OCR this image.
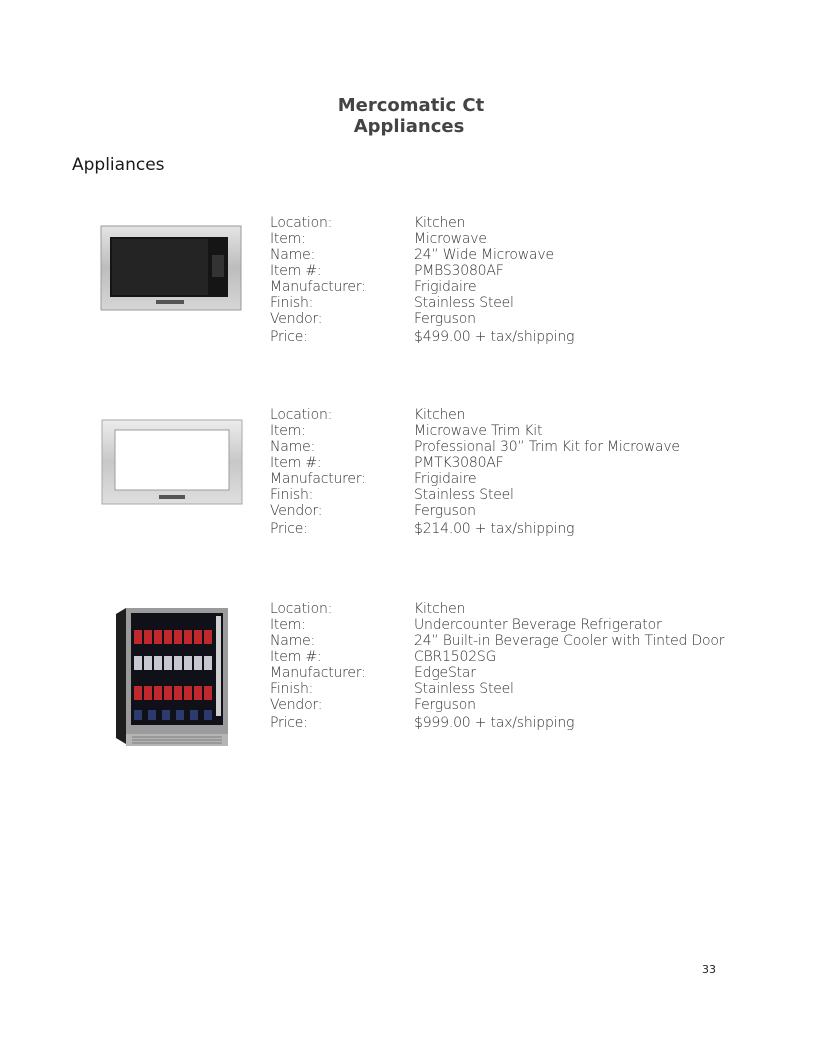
Mercomatic Ct
Appliances
Appliances
Location:	Kitchen
Item:	Microwave
Name:	24” Wide Microwave
Item #:	PMBS3080AF
Manufacturer:	Frigidaire
Finish:	Stainless Steel
Vendor:	Ferguson
Price:	$499.00 + tax/shipping
Location:	Kitchen
Item:	Microwave Trim Kit
Name:	Professional 30” Trim Kit for Microwave
Item #:	PMTK3080AF
Manufacturer:	Frigidaire
Finish:	Stainless Steel
Vendor:	Ferguson
Price:	$214.00 + tax/shipping
Location:	Kitchen
Item:	Undercounter Beverage Refrigerator
Name:	24” Built-in Beverage Cooler with Tinted Door
Item #:	CBR1502SG
Manufacturer:	EdgeStar
Finish:	Stainless Steel
Vendor:	Ferguson
Price:	$999.00 + tax/shipping
33
